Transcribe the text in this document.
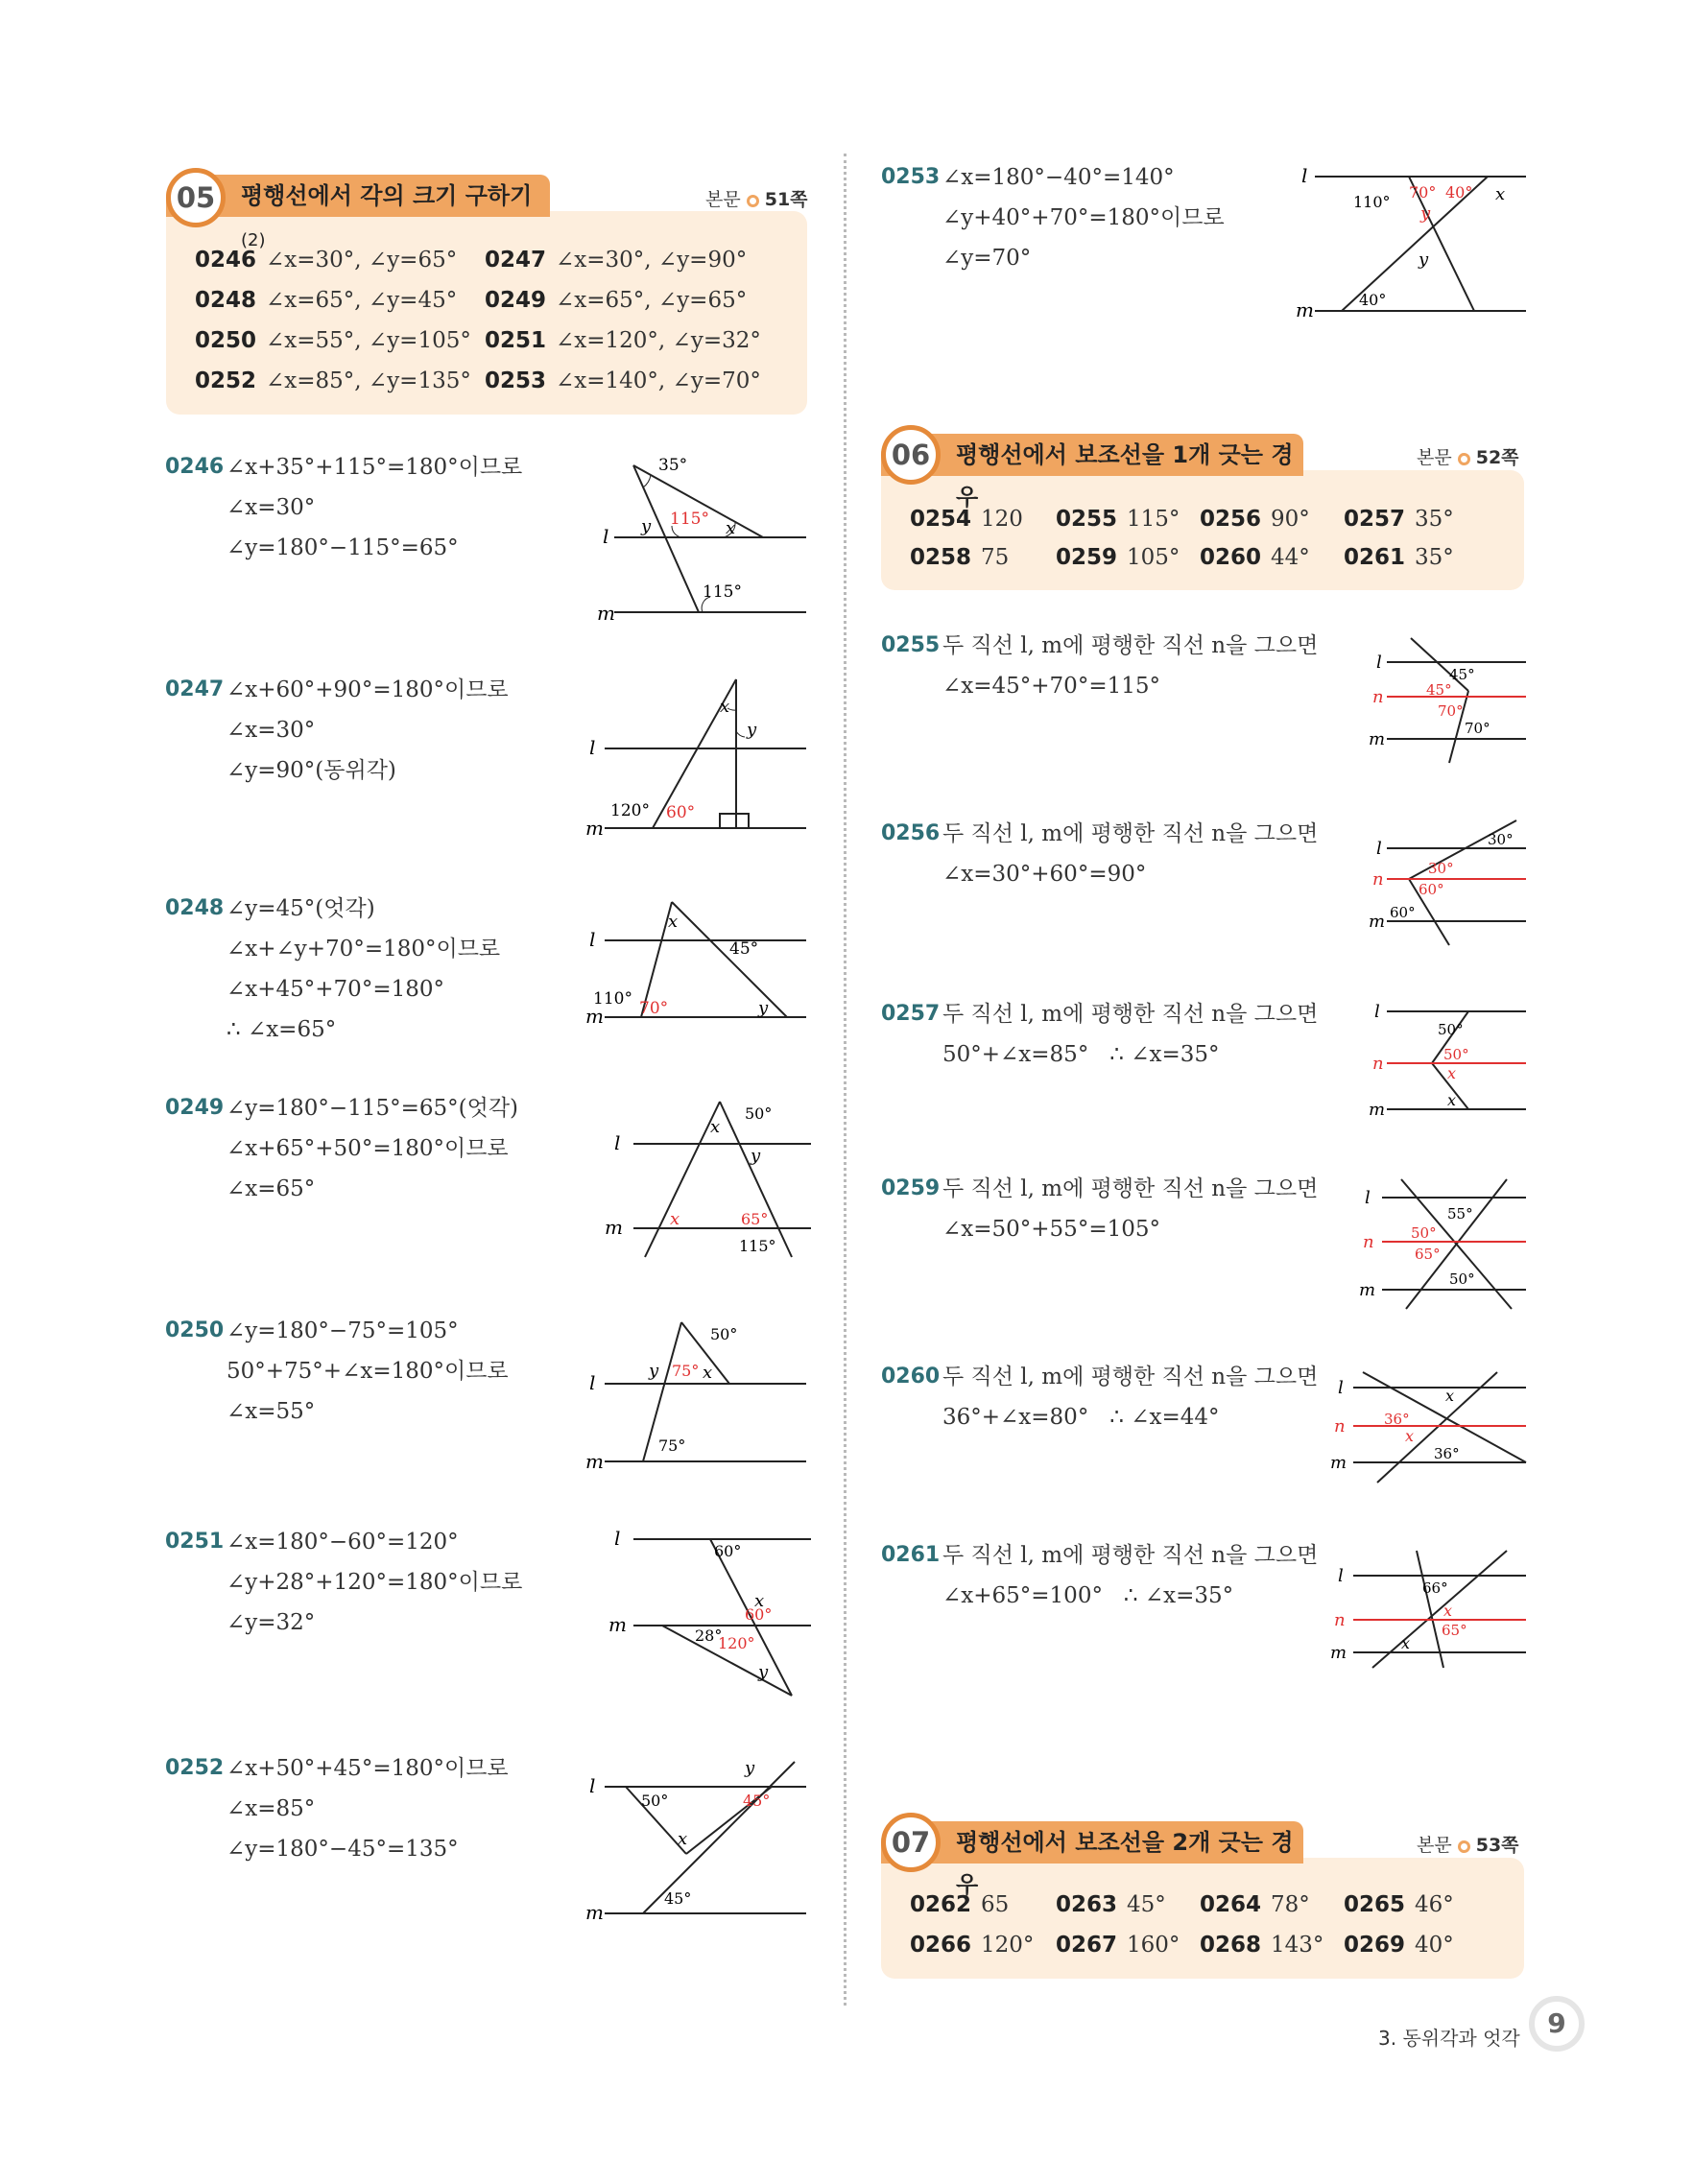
평행선에서 각의 크기 구하기(2)
05	본문 51쪽
0246 ∠x=30°, ∠y=65° 0247 ∠x=30°, ∠y=90°
0248 ∠x=65°, ∠y=45° 0249 ∠x=65°, ∠y=65°
0250 ∠x=55°, ∠y=105° 0251 ∠x=120°, ∠y=32°
0252 ∠x=85°, ∠y=135° 0253 ∠x=140°, ∠y=70°
0246 ∠x+35°+115°=180°이므로
∠x=30°
∠y=180°−115°=65°	l
m
35°
y 115° x
115°
0247 ∠x+60°+90°=180°이므로
∠x=30°
∠y=90°(동위각)
l
m
x
y
120° 60°
0248 ∠y=45°(엇각)
∠x+∠y+70°=180°이므로
∠x+45°+70°=180°
∴ ∠x=65°
l
m
x
45°
110° 70°	y
0249 ∠y=180°−115°=65°(엇각)
∠x+65°+50°=180°이므로
∠x=65°
l
m
50°
x
y
x	65°
115°
0250 ∠y=180°−75°=105°
50°+75°+∠x=180°이므로
∠x=55°
l
m
50°
y 75° x
75°
0251 ∠x=180°−60°=120°
∠y+28°+120°=180°이므로
∠y=32°
l
m
60°
60°
x
28°
120°
y
0252 ∠x+50°+45°=180°이므로
∠x=85°
∠y=180°−45°=135°
l
m
50°	45°
y
x
45°
0253 ∠x=180°−40°=140°
∠y+40°+70°=180°이므로
∠y=70°
l
m
110°
70° 40°
y
x
y
40°
평행선에서 보조선을 1개 긋는 경우
06	본문 52쪽
0254 120 0255 115° 0256 90° 0257 35°
0258 75 0259 105° 0260 44° 0261 35°
0255 두 직선 l, m에 평행한 직선 n을 그으면
∠x=45°+70°=115°
l
n
m
45°
45°
70°
70°
0256 두 직선 l, m에 평행한 직선 n을 그으면
∠x=30°+60°=90°
l
n
m
30°
30°
60°
60°
0257 두 직선 l, m에 평행한 직선 n을 그으면
50°+∠x=85°   ∴ ∠x=35°
l
n
m
50°
50°
x
x
0259 두 직선 l, m에 평행한 직선 n을 그으면
∠x=50°+55°=105°
l
n
m
55°
50°
65°
50°
0260 두 직선 l, m에 평행한 직선 n을 그으면
36°+∠x=80°   ∴ ∠x=44°
l
n
m
x
36°
x
36°
0261 두 직선 l, m에 평행한 직선 n을 그으면
∠x+65°=100°   ∴ ∠x=35°
l
n
m
66°
x
65°
x
평행선에서 보조선을 2개 긋는 경우
07	본문 53쪽
0262 65 0263 45° 0264 78° 0265 46°
0266 120° 0267 160° 0268 143° 0269 40°
3. 동위각과 엇각	9
